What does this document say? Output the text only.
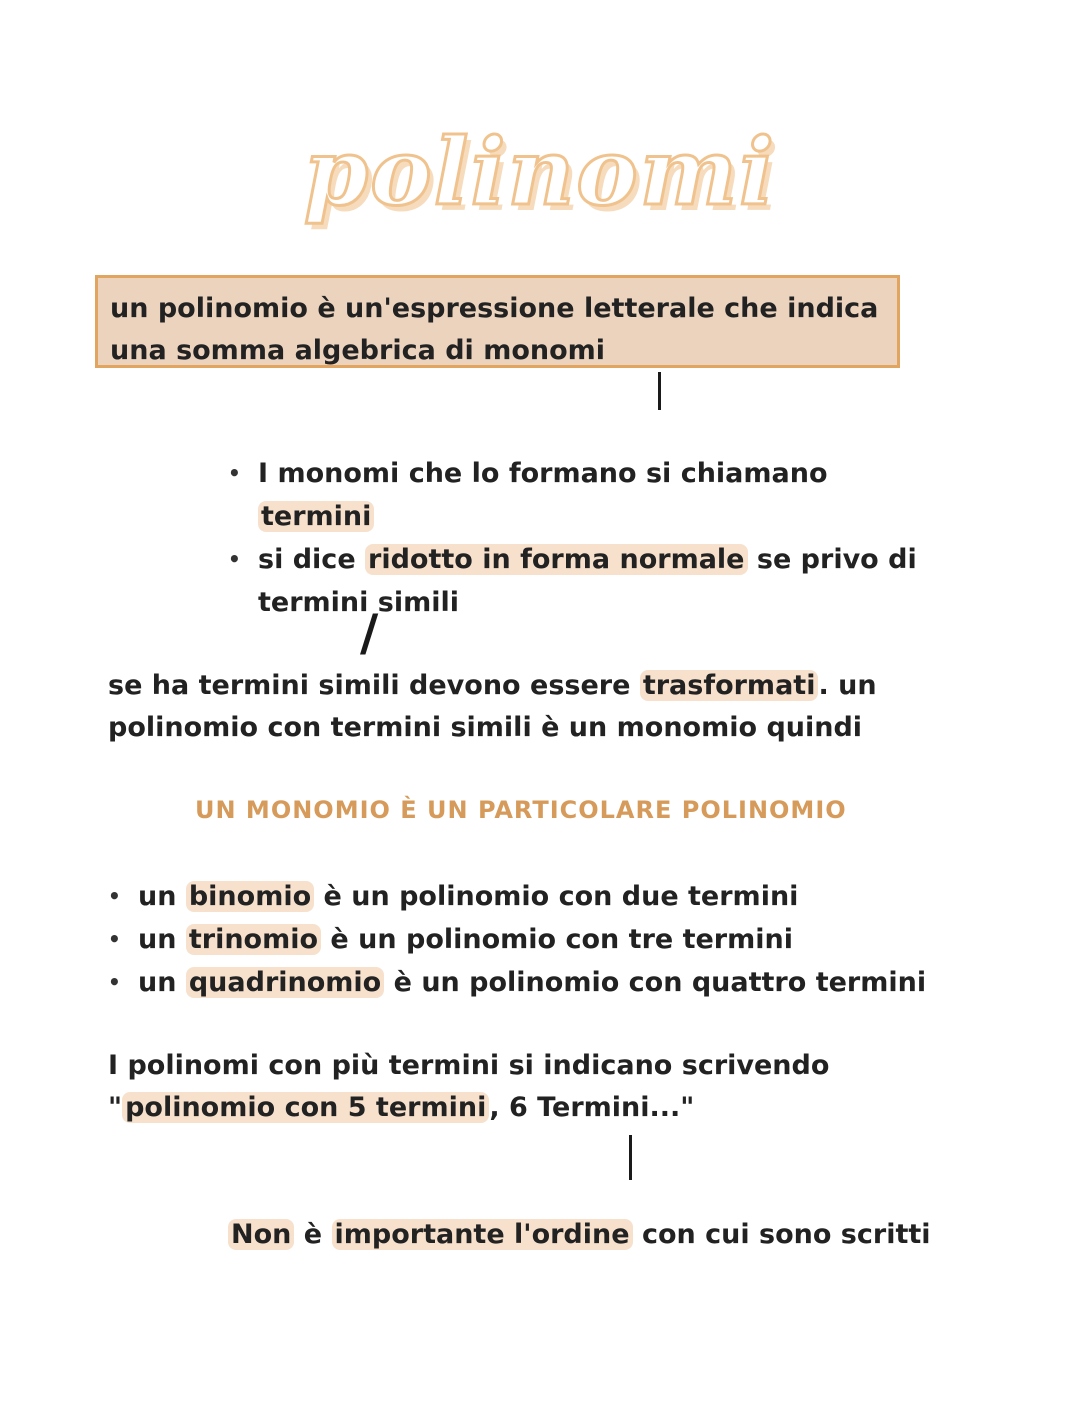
polinomi
un polinomio è un'espressione letterale che indica una somma algebrica di monomi
• I monomi che lo formano si chiamano termini
• si dice ridotto in forma normale se privo di termini simili
/

se ha termini simili devono essere trasformati . un polinomio con termini simili è un monomio quindi

UN MONOMIO È UN PARTICOLARE POLINOMIO

• un binomio è un polinomio con due termini
• un trinomio è un polinomio con tre termini
• un quadrinomio è un polinomio con quattro termini

I polinomi con più termini si indicano scrivendo " polinomio con 5 termini , 6 Termini..."

Non è importante l'ordine con cui sono scritti
